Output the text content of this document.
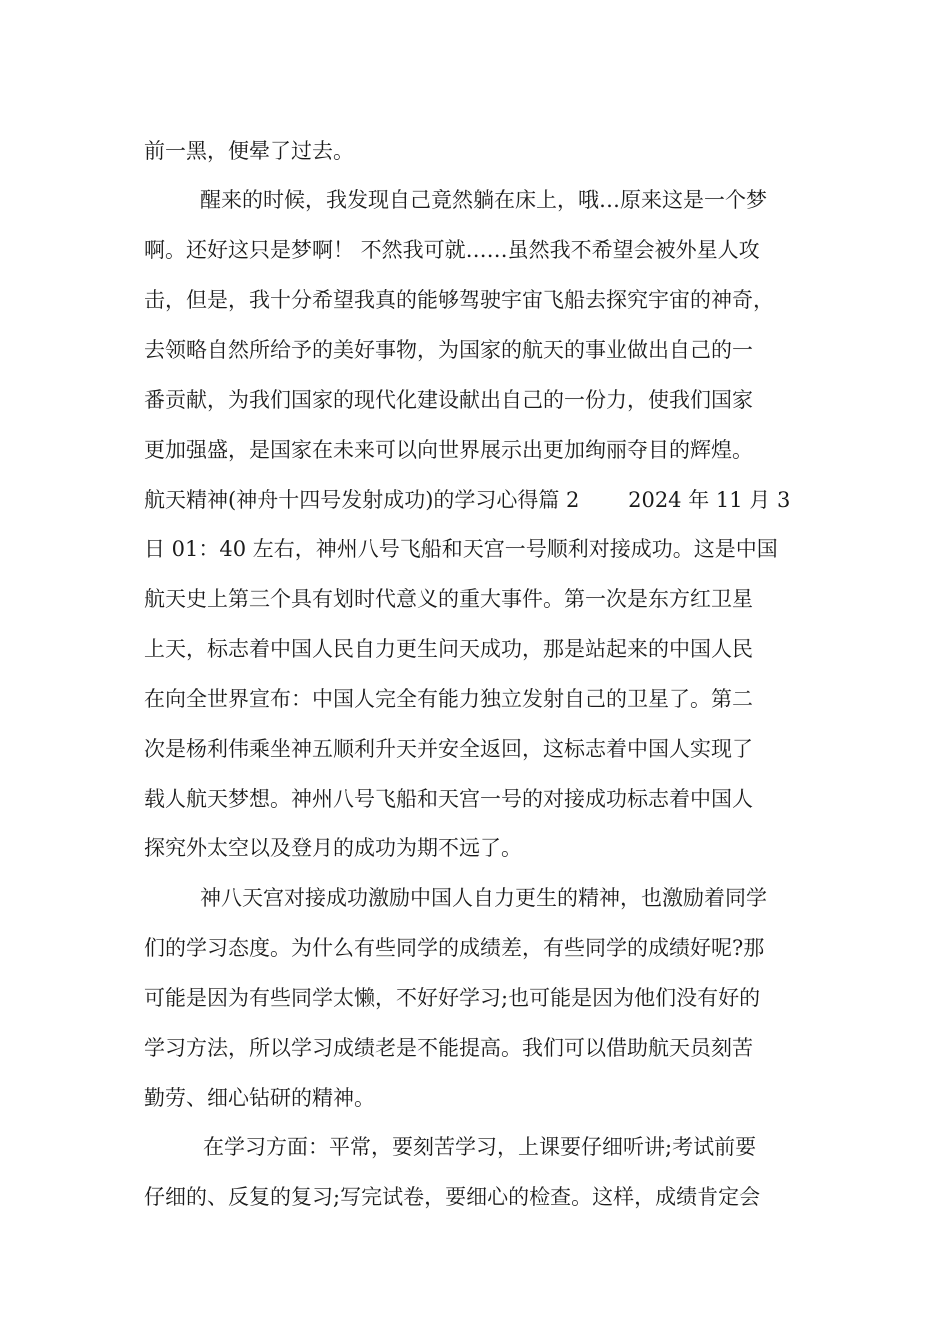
前一黑，便晕了过去。
醒来的时候，我发现自己竟然躺在床上，哦…原来这是一个梦
啊。还好这只是梦啊！ 不然我可就……虽然我不希望会被外星人攻
击，但是，我十分希望我真的能够驾驶宇宙飞船去探究宇宙的神奇，
去领略自然所给予的美好事物，为国家的航天的事业做出自己的一
番贡献，为我们国家的现代化建设献出自己的一份力，使我们国家
更加强盛，是国家在未来可以向世界展示出更加绚丽夺目的辉煌。
航天精神(神舟十四号发射成功)的学习心得篇 2　　 2024 年 11 月 3
日 01：40 左右，神州八号飞船和天宫一号顺利对接成功。这是中国
航天史上第三个具有划时代意义的重大事件。第一次是东方红卫星
上天，标志着中国人民自力更生问天成功，那是站起来的中国人民
在向全世界宣布：中国人完全有能力独立发射自己的卫星了。第二
次是杨利伟乘坐神五顺利升天并安全返回，这标志着中国人实现了
载人航天梦想。神州八号飞船和天宫一号的对接成功标志着中国人
探究外太空以及登月的成功为期不远了。
神八天宫对接成功激励中国人自力更生的精神，也激励着同学
们的学习态度。为什么有些同学的成绩差，有些同学的成绩好呢?那
可能是因为有些同学太懒，不好好学习;也可能是因为他们没有好的
学习方法，所以学习成绩老是不能提高。我们可以借助航天员刻苦
勤劳、细心钻研的精神。
在学习方面：平常，要刻苦学习，上课要仔细听讲;考试前要
仔细的、反复的复习;写完试卷，要细心的检查。这样，成绩肯定会
